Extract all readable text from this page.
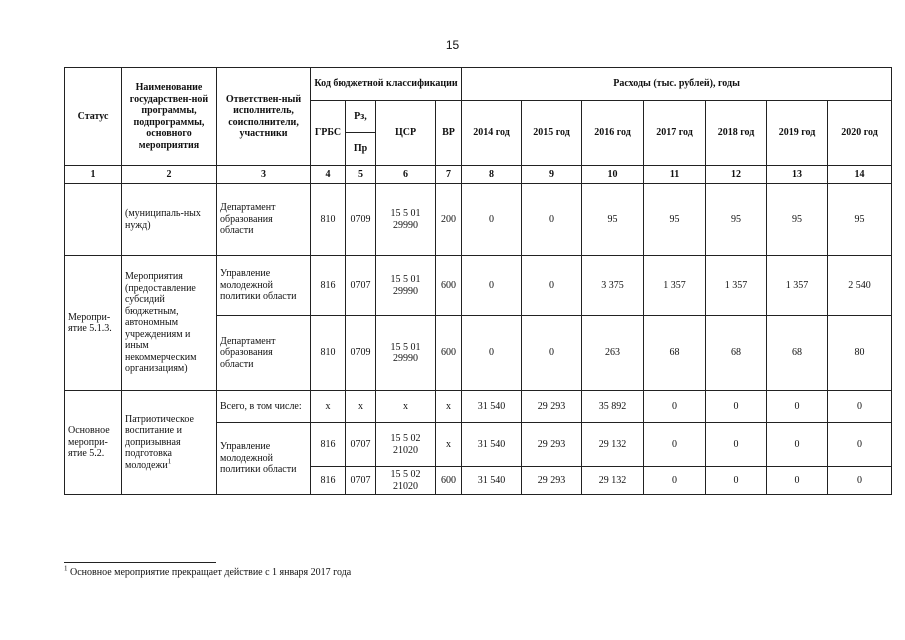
15
Статус	Наименование государствен-ной программы, подпрограммы, основного мероприятия	Ответствен-ный исполнитель, соисполнители, участники	Код бюджетной классификации				Расходы (тыс. рублей), годы						
			ГРБС	Рз,	ЦСР	ВР	2014 год	2015 год	2016 год	2017 год	2018 год	2019 год	2020 год
				Пр									
1	2	3	4	5	6	7	8	9	10	11	12	13	14
	(муниципаль-ных нужд)	Департамент образования области	810	0709	15 5 01 29990	200	0	0	95	95	95	95	95
Меропри-ятие 5.1.3.	Мероприятия (предоставление субсидий бюджетным, автономным учреждениям и иным некоммерческим организациям)	Управление молодежной политики области	816	0707	15 5 01 29990	600	0	0	3 375	1 357	1 357	1 357	2 540
		Департамент образования области	810	0709	15 5 01 29990	600	0	0	263	68	68	68	80
Основное меропри-ятие 5.2.	Патриотическое воспитание и допризывная подготовка молодежи$^1$	Всего, в том числе:	х	х	х	х	31 540	29 293	35 892	0	0	0	0
		Управление молодежной политики области	816	0707	15 5 02 21020	х	31 540	29 293	29 132	0	0	0	0
			816	0707	15 5 02 21020	600	31 540	29 293	29 132	0	0	0	0
$^1$ Основное мероприятие прекращает действие с 1 января 2017 года
